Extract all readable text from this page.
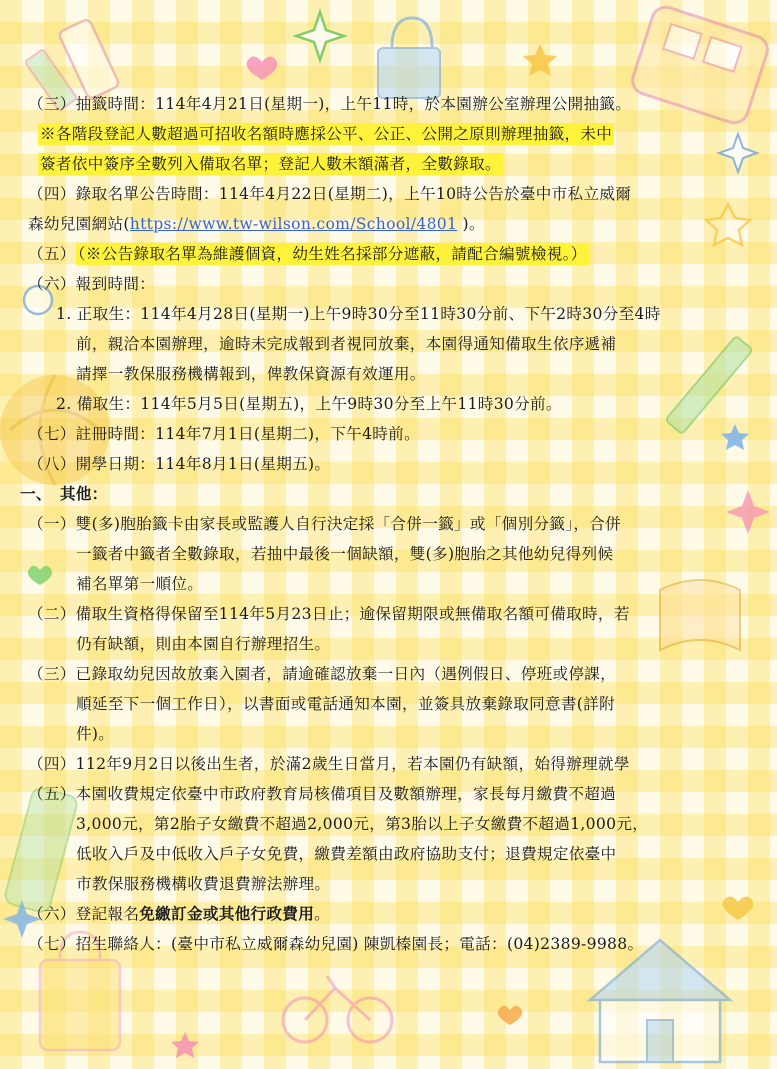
（三）抽籤時間：114年4月21日(星期一)，上午11時，於本園辦公室辦理公開抽籤。
※各階段登記人數超過可招收名額時應採公平、公正、公開之原則辦理抽籤，未中
簽者依中簽序全數列入備取名單；登記人數未額滿者，全數錄取。
（四）錄取名單公告時間：114年4月22日(星期二)，上午10時公告於臺中市私立威爾
森幼兒園網站(https://www.tw-wilson.com/School/4801 )。
（五） （※公告錄取名單為維護個資，幼生姓名採部分遮蔽，請配合編號檢視。）
（六）報到時間：
1. 正取生：114年4月28日(星期一)上午9時30分至11時30分前、下午2時30分至4時
前，親洽本園辦理，逾時未完成報到者視同放棄，本園得通知備取生依序遞補
請擇一教保服務機構報到，俾教保資源有效運用。
2. 備取生：114年5月5日(星期五)，上午9時30分至上午11時30分前。
（七）註冊時間：114年7月1日(星期二)，下午4時前。
（八）開學日期：114年8月1日(星期五)。
一、　其他：
（一）雙(多)胞胎籤卡由家長或監護人自行決定採「合併一籤」或「個別分籤」，合併
一籤者中籤者全數錄取，若抽中最後一個缺額，雙(多)胞胎之其他幼兒得列候
補名單第一順位。
（二）備取生資格得保留至114年5月23日止；逾保留期限或無備取名額可備取時，若
仍有缺額，則由本園自行辦理招生。
（三）已錄取幼兒因故放棄入園者，請逾確認放棄一日內（遇例假日、停班或停課，
順延至下一個工作日），以書面或電話通知本園，並簽具放棄錄取同意書(詳附
件)。
（四）112年9月2日以後出生者，於滿2歲生日當月，若本園仍有缺額，始得辦理就學
（五）本園收費規定依臺中市政府教育局核備項目及數額辦理，家長每月繳費不超過
3,000元，第2胎子女繳費不超過2,000元，第3胎以上子女繳費不超過1,000元，
低收入戶及中低收入戶子女免費，繳費差額由政府協助支付；退費規定依臺中
市教保服務機構收費退費辦法辦理。
（六）登記報名免繳訂金或其他行政費用。
（七）招生聯絡人：(臺中市私立威爾森幼兒園) 陳凱榛園長；電話：(04)2389-9988。
